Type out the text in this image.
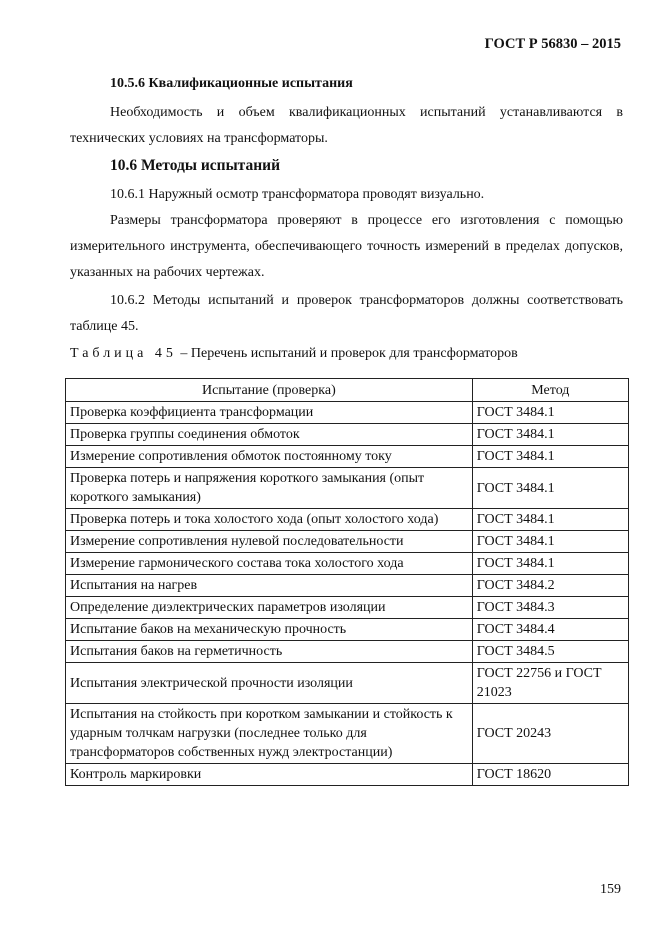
ГОСТ Р 56830 – 2015
10.5.6 Квалификационные испытания
Необходимость и объем квалификационных испытаний устанавливаются в технических условиях на трансформаторы.
10.6 Методы испытаний
10.6.1 Наружный осмотр трансформатора проводят визуально.
Размеры трансформатора проверяют в процессе его изготовления с помощью измерительного инструмента, обеспечивающего точность измерений в пределах допусков, указанных на рабочих чертежах.
10.6.2 Методы испытаний и проверок трансформаторов должны соответствовать таблице 45.
Таблица 45 – Перечень испытаний и проверок для трансформаторов
Испытание (проверка)	Метод
Проверка коэффициента трансформации	ГОСТ 3484.1
Проверка группы соединения обмоток	ГОСТ 3484.1
Измерение сопротивления обмоток постоянному току	ГОСТ 3484.1
Проверка потерь и напряжения короткого замыкания (опыт короткого замыкания)	ГОСТ 3484.1
Проверка потерь и тока холостого хода (опыт холостого хода)	ГОСТ 3484.1
Измерение сопротивления нулевой последовательности	ГОСТ 3484.1
Измерение гармонического состава тока холостого хода	ГОСТ 3484.1
Испытания на нагрев	ГОСТ 3484.2
Определение диэлектрических параметров изоляции	ГОСТ 3484.3
Испытание баков на механическую прочность	ГОСТ 3484.4
Испытания баков на герметичность	ГОСТ 3484.5
Испытания электрической прочности изоляции	ГОСТ 22756 и ГОСТ 21023
Испытания на стойкость при коротком замыкании и стойкость к ударным толчкам нагрузки (последнее только для трансформаторов собственных нужд электростанции)	ГОСТ 20243
Контроль маркировки	ГОСТ 18620
159
